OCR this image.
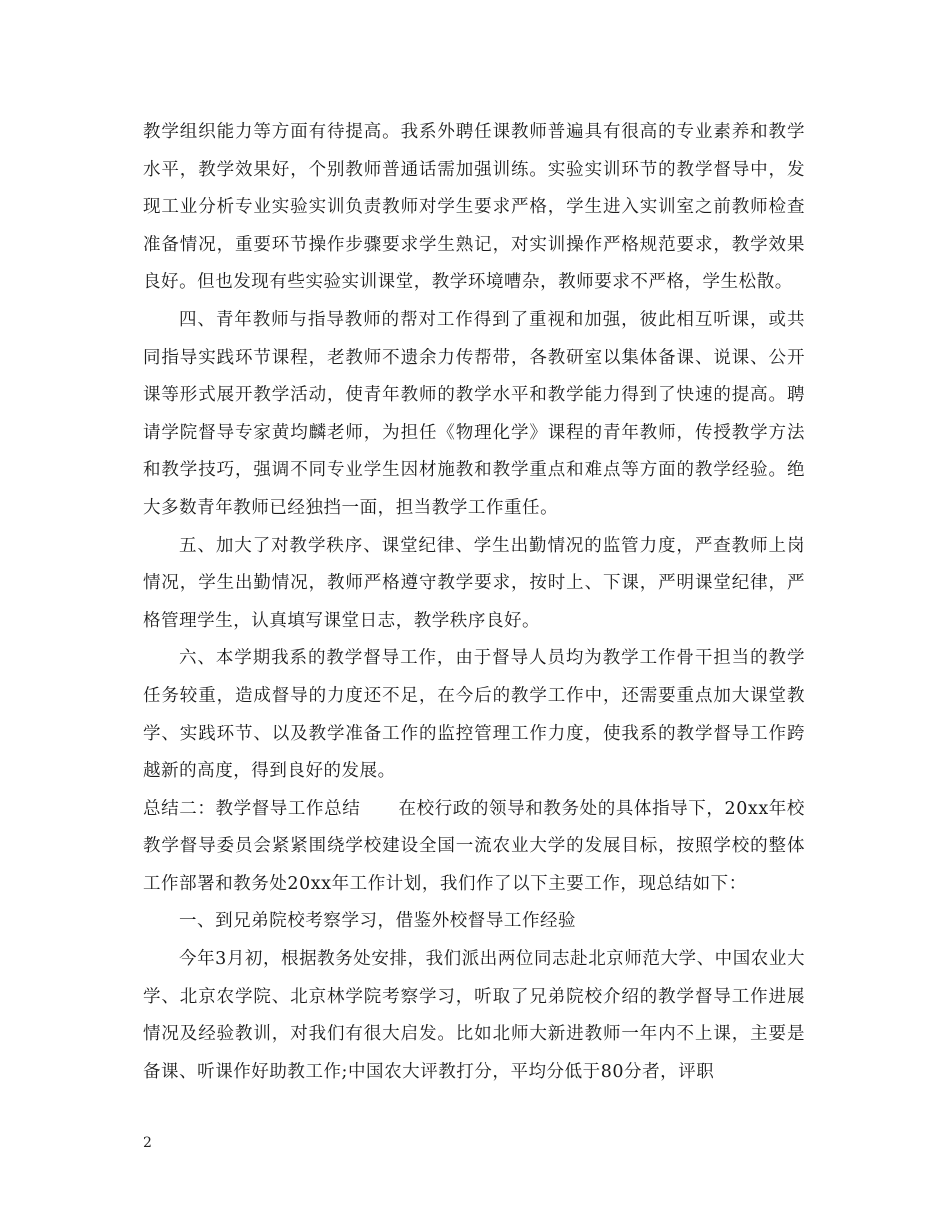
教学组织能力等方面有待提高。我系外聘任课教师普遍具有很高的专业素养和教学水平，教学效果好，个别教师普通话需加强训练。实验实训环节的教学督导中，发现工业分析专业实验实训负责教师对学生要求严格，学生进入实训室之前教师检查准备情况，重要环节操作步骤要求学生熟记，对实训操作严格规范要求，教学效果良好。但也发现有些实验实训课堂，教学环境嘈杂，教师要求不严格，学生松散。

四、青年教师与指导教师的帮对工作得到了重视和加强，彼此相互听课，或共同指导实践环节课程，老教师不遗余力传帮带，各教研室以集体备课、说课、公开课等形式展开教学活动，使青年教师的教学水平和教学能力得到了快速的提高。聘请学院督导专家黄均麟老师，为担任《物理化学》课程的青年教师，传授教学方法和教学技巧，强调不同专业学生因材施教和教学重点和难点等方面的教学经验。绝大多数青年教师已经独挡一面，担当教学工作重任。

五、加大了对教学秩序、课堂纪律、学生出勤情况的监管力度，严查教师上岗情况，学生出勤情况，教师严格遵守教学要求，按时上、下课，严明课堂纪律，严格管理学生，认真填写课堂日志，教学秩序良好。

六、本学期我系的教学督导工作，由于督导人员均为教学工作骨干担当的教学任务较重，造成督导的力度还不足，在今后的教学工作中，还需要重点加大课堂教学、实践环节、以及教学准备工作的监控管理工作力度，使我系的教学督导工作跨越新的高度，得到良好的发展。

总结二：教学督导工作总结 在校行政的领导和教务处的具体指导下，20xx年校教学督导委员会紧紧围绕学校建设全国一流农业大学的发展目标，按照学校的整体工作部署和教务处20xx年工作计划，我们作了以下主要工作，现总结如下：

一、到兄弟院校考察学习，借鉴外校督导工作经验

今年3月初，根据教务处安排，我们派出两位同志赴北京师范大学、中国农业大学、北京农学院、北京林学院考察学习，听取了兄弟院校介绍的教学督导工作进展情况及经验教训，对我们有很大启发。比如北师大新进教师一年内不上课，主要是备课、听课作好助教工作;中国农大评教打分，平均分低于80分者，评职

2
